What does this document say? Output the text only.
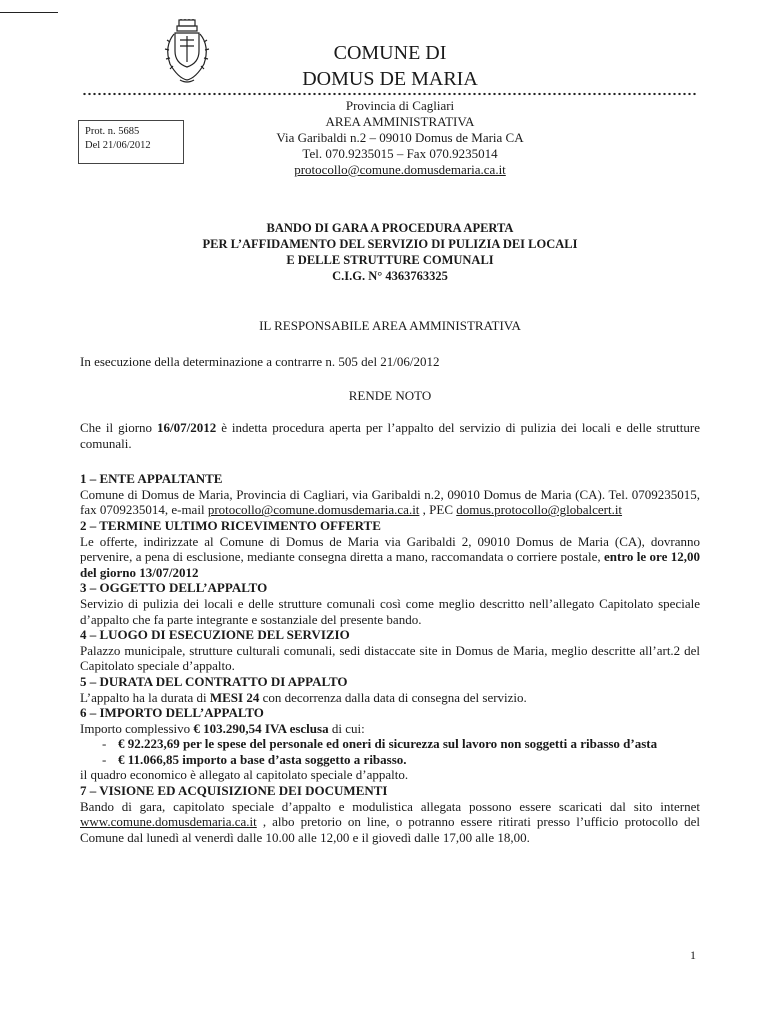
COMUNE DI
DOMUS DE MARIA
Prot. n. 5685
Del 21/06/2012
Provincia di Cagliari
AREA AMMINISTRATIVA
Via Garibaldi n.2 – 09010 Domus de Maria CA
Tel. 070.9235015 – Fax 070.9235014
protocollo@comune.domusdemaria.ca.it
BANDO DI GARA A PROCEDURA APERTA
PER L’AFFIDAMENTO DEL SERVIZIO DI PULIZIA DEI LOCALI
E DELLE STRUTTURE COMUNALI
C.I.G. N° 4363763325
IL RESPONSABILE AREA AMMINISTRATIVA
In esecuzione della determinazione a contrarre n. 505 del 21/06/2012
RENDE NOTO

Che il giorno 16/07/2012 è indetta procedura aperta per l’appalto del servizio di pulizia dei locali e delle strutture comunali.

1 – ENTE APPALTANTE

Comune di Domus de Maria, Provincia di Cagliari, via Garibaldi n.2, 09010 Domus de Maria (CA). Tel. 0709235015, fax 0709235014, e-mail protocollo@comune.domusdemaria.ca.it , PEC domus.protocollo@globalcert.it

2 – TERMINE ULTIMO RICEVIMENTO OFFERTE

Le offerte, indirizzate al Comune di Domus de Maria via Garibaldi 2, 09010 Domus de Maria (CA), dovranno pervenire, a pena di esclusione, mediante consegna diretta a mano, raccomandata o corriere postale, entro le ore 12,00 del giorno 13/07/2012

3 – OGGETTO DELL’APPALTO

Servizio di pulizia dei locali e delle strutture comunali così come meglio descritto nell’allegato Capitolato speciale d’appalto che fa parte integrante e sostanziale del presente bando.

4 – LUOGO DI ESECUZIONE DEL SERVIZIO

Palazzo municipale, strutture culturali comunali, sedi distaccate site in Domus de Maria, meglio descritte all’art.2 del Capitolato speciale d’appalto.

5 – DURATA DEL CONTRATTO DI APPALTO

L’appalto ha la durata di MESI 24 con decorrenza dalla data di consegna del servizio.

6 – IMPORTO DELL’APPALTO

Importo complessivo € 103.290,54 IVA esclusa di cui:

- € 92.223,69 per le spese del personale ed oneri di sicurezza sul lavoro non soggetti a ribasso d’asta
- € 11.066,85 importo a base d’asta soggetto a ribasso.

il quadro economico è allegato al capitolato speciale d’appalto.

7 – VISIONE ED ACQUISIZIONE DEI DOCUMENTI

Bando di gara, capitolato speciale d’appalto e modulistica allegata possono essere scaricati dal sito internet www.comune.domusdemaria.ca.it , albo pretorio on line, o potranno essere ritirati presso l’ufficio protocollo del Comune dal lunedì al venerdì dalle 10.00 alle 12,00 e il giovedì dalle 17,00 alle 18,00.

1
